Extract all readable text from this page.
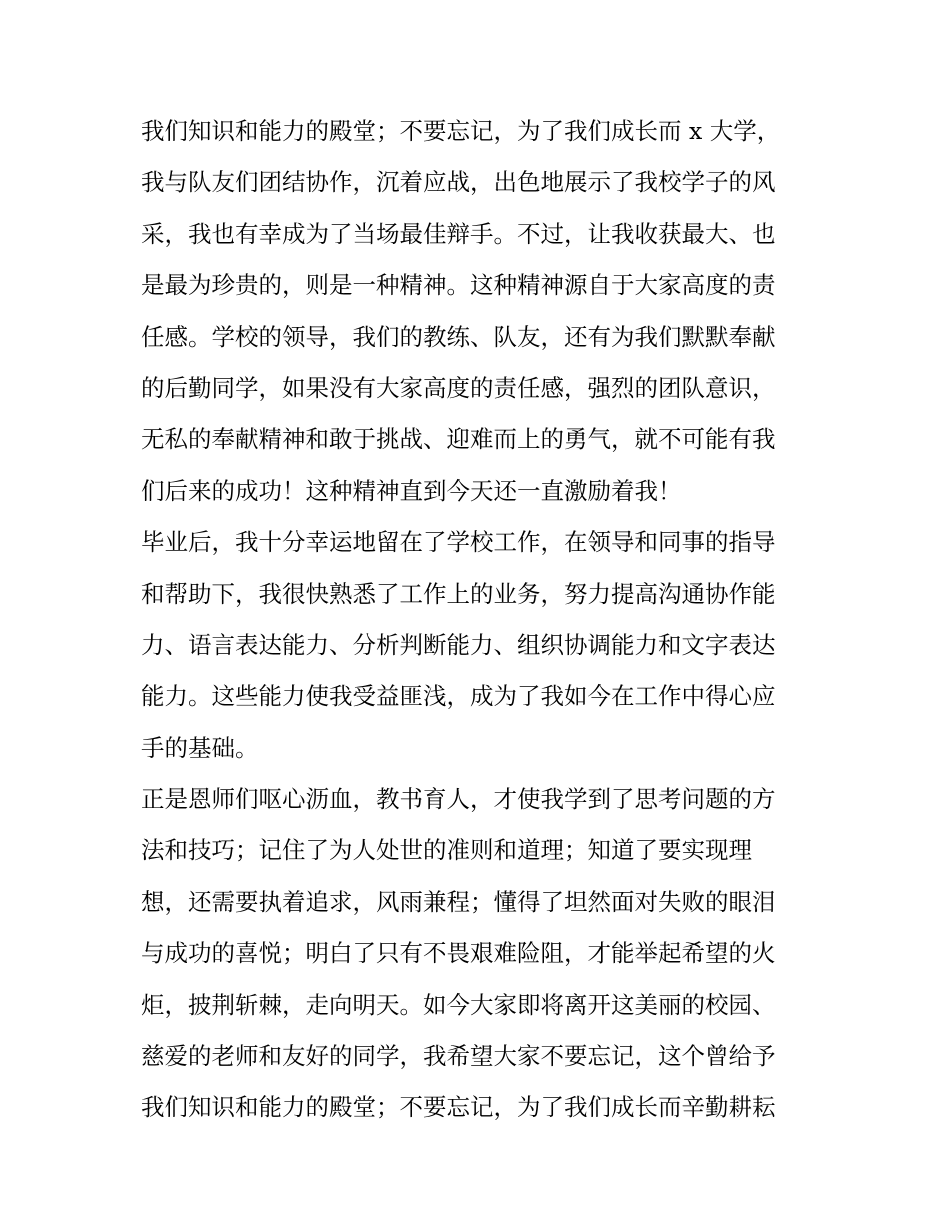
我们知识和能力的殿堂；不要忘记，为了我们成长而 x 大学，
我与队友们团结协作，沉着应战，出色地展示了我校学子的风
采，我也有幸成为了当场最佳辩手。不过，让我收获最大、也
是最为珍贵的，则是一种精神。这种精神源自于大家高度的责
任感。学校的领导，我们的教练、队友，还有为我们默默奉献
的后勤同学，如果没有大家高度的责任感，强烈的团队意识，
无私的奉献精神和敢于挑战、迎难而上的勇气，就不可能有我
们后来的成功！这种精神直到今天还一直激励着我！
毕业后，我十分幸运地留在了学校工作，在领导和同事的指导
和帮助下，我很快熟悉了工作上的业务，努力提高沟通协作能
力、语言表达能力、分析判断能力、组织协调能力和文字表达
能力。这些能力使我受益匪浅，成为了我如今在工作中得心应
手的基础。
正是恩师们呕心沥血，教书育人，才使我学到了思考问题的方
法和技巧；记住了为人处世的准则和道理；知道了要实现理
想，还需要执着追求，风雨兼程；懂得了坦然面对失败的眼泪
与成功的喜悦；明白了只有不畏艰难险阻，才能举起希望的火
炬，披荆斩棘，走向明天。如今大家即将离开这美丽的校园、
慈爱的老师和友好的同学，我希望大家不要忘记，这个曾给予
我们知识和能力的殿堂；不要忘记，为了我们成长而辛勤耕耘
